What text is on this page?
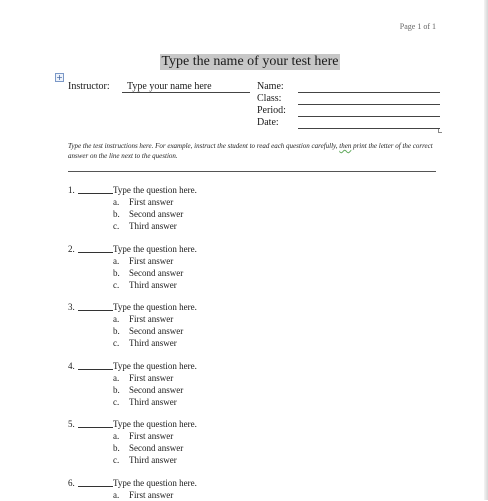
Page 1 of 1
Type the name of your test here
+
Instructor: Type your name here	Name:
Class:
Period:
Date:
Type the test instructions here. For example, instruct the student to read each question carefully, then print the letter of the correct answer on the line next to the question.
1.	Type the question here.
a.	First answer
b.	Second answer
c.	Third answer
2.	Type the question here.
a.	First answer
b.	Second answer
c.	Third answer
3.	Type the question here.
a.	First answer
b.	Second answer
c.	Third answer
4.	Type the question here.
a.	First answer
b.	Second answer
c.	Third answer
5.	Type the question here.
a.	First answer
b.	Second answer
c.	Third answer
6.	Type the question here.
a.	First answer
